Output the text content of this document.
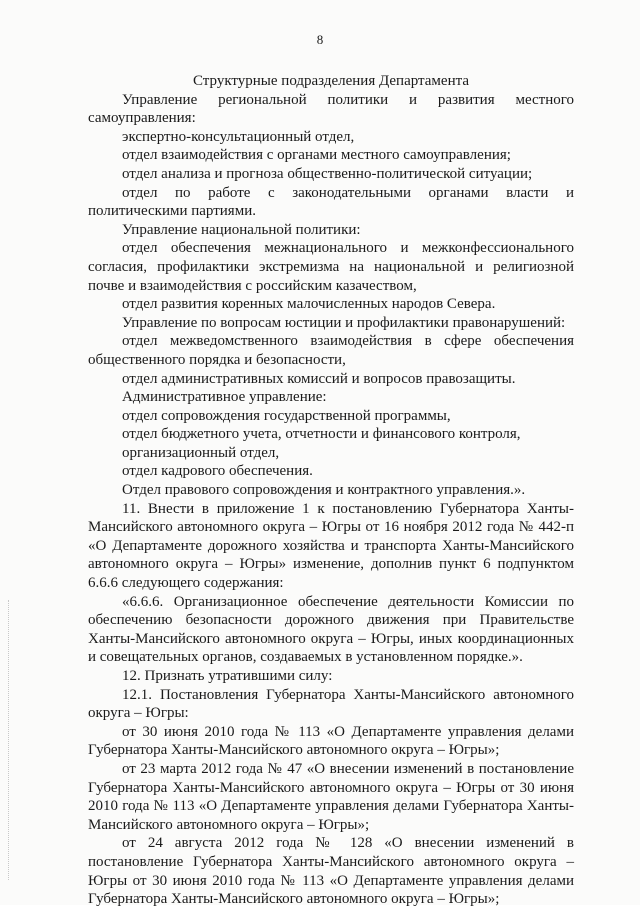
8

Структурные подразделения Департамента

Управление региональной политики и развития местного самоуправления:

экспертно-консультационный отдел,

отдел взаимодействия с органами местного самоуправления;

отдел анализа и прогноза общественно-политической ситуации;

отдел по работе с законодательными органами власти и политическими партиями.

Управление национальной политики:

отдел обеспечения межнационального и межконфессионального согласия, профилактики экстремизма на национальной и религиозной почве и взаимодействия с российским казачеством,

отдел развития коренных малочисленных народов Севера.

Управление по вопросам юстиции и профилактики правонарушений:

отдел межведомственного взаимодействия в сфере обеспечения общественного порядка и безопасности,

отдел административных комиссий и вопросов правозащиты.

Административное управление:

отдел сопровождения государственной программы,

отдел бюджетного учета, отчетности и финансового контроля,

организационный отдел,

отдел кадрового обеспечения.

Отдел правового сопровождения и контрактного управления.».

11. Внести в приложение 1 к постановлению Губернатора Ханты-Мансийского автономного округа – Югры от 16 ноября 2012 года № 442-п «О Департаменте дорожного хозяйства и транспорта Ханты-Мансийского автономного округа – Югры» изменение, дополнив пункт 6 подпунктом 6.6.6 следующего содержания:

«6.6.6. Организационное обеспечение деятельности Комиссии по обеспечению безопасности дорожного движения при Правительстве Ханты-Мансийского автономного округа – Югры, иных координационных и совещательных органов, создаваемых в установленном порядке.».

12. Признать утратившими силу:

12.1. Постановления Губернатора Ханты-Мансийского автономного округа – Югры:

от 30 июня 2010 года № 113 «О Департаменте управления делами Губернатора Ханты-Мансийского автономного округа – Югры»;

от 23 марта 2012 года № 47 «О внесении изменений в постановление Губернатора Ханты-Мансийского автономного округа – Югры от 30 июня 2010 года № 113 «О Департаменте управления делами Губернатора Ханты-Мансийского автономного округа – Югры»;

от 24 августа 2012 года № 128 «О внесении изменений в постановление Губернатора Ханты-Мансийского автономного округа – Югры от 30 июня 2010 года № 113 «О Департаменте управления делами Губернатора Ханты-Мансийского автономного округа – Югры»;
